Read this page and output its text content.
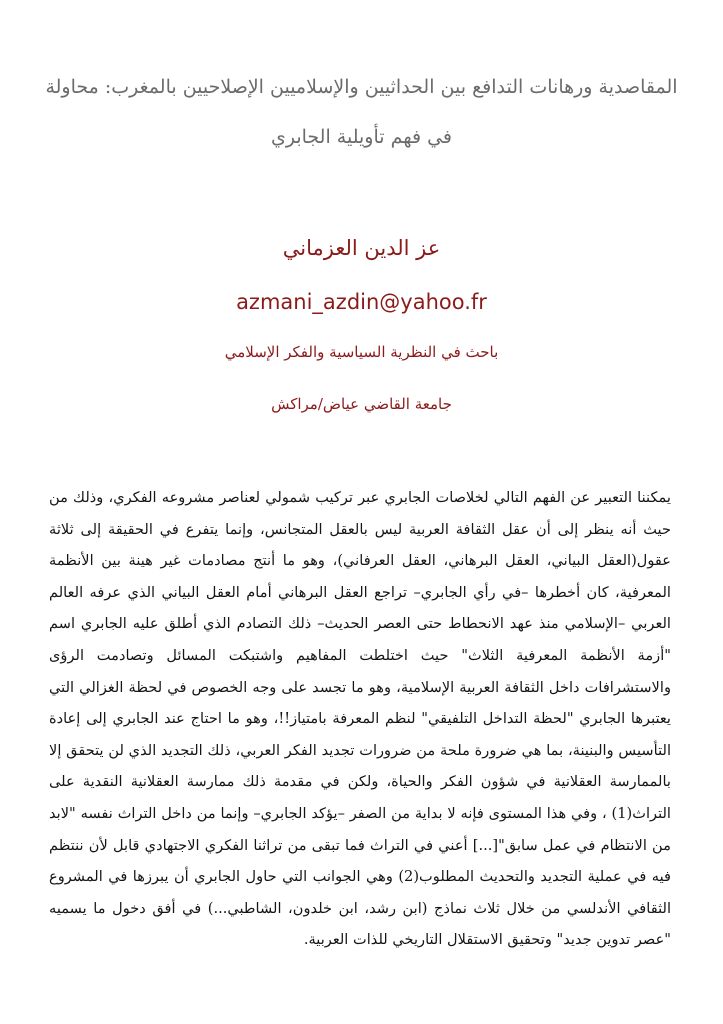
المقاصدية ورهانات التدافع بين الحداثيين والإسلاميين الإصلاحيين بالمغرب: محاولة في فهم تأويلية الجابري
عز الدين العزماني
azmani_azdin@yahoo.fr
باحث في النظرية السياسية والفكر الإسلامي
جامعة القاضي عياض/مراكش
يمكننا التعبير عن الفهم التالي لخلاصات الجابري عبر تركيب شمولي لعناصر مشروعه الفكري، وذلك من حيث أنه ينظر إلى أن عقل الثقافة العربية ليس بالعقل المتجانس، وإنما يتفرع في الحقيقة إلى ثلاثة عقول(العقل البياني، العقل البرهاني، العقل العرفاني)، وهو ما أنتج مصادمات غير هينة بين الأنظمة المعرفية، كان أخطرها –في رأي الجابري– تراجع العقل البرهاني أمام العقل البياني الذي عرفه العالم العربي –الإسلامي منذ عهد الانحطاط حتى العصر الحديث– ذلك التصادم الذي أطلق عليه الجابري اسم "أزمة الأنظمة المعرفية الثلاث" حيث اختلطت المفاهيم واشتبكت المسائل وتصادمت الرؤى والاستشرافات داخل الثقافة العربية الإسلامية، وهو ما تجسد على وجه الخصوص في لحظة الغزالي التي يعتبرها الجابري "لحظة التداخل التلفيقي" لنظم المعرفة بامتياز!!، وهو ما احتاج عند الجابري إلى إعادة التأسيس والبنينة، بما هي ضرورة ملحة من ضرورات تجديد الفكر العربي، ذلك التجديد الذي لن يتحقق إلا بالممارسة العقلانية في شؤون الفكر والحياة، ولكن في مقدمة ذلك ممارسة العقلانية النقدية على التراث(1) ، وفي هذا المستوى فإنه لا بداية من الصفر –يؤكد الجابري– وإنما من داخل التراث نفسه "لابد من الانتظام في عمل سابق"[...] أعني في التراث فما تبقى من تراثنا الفكري الاجتهادي قابل لأن ننتظم فيه في عملية التجديد والتحديث المطلوب(2) وهي الجوانب التي حاول الجابري أن يبرزها في المشروع الثقافي الأندلسي من خلال ثلاث نماذج (ابن رشد، ابن خلدون، الشاطبي...) في أفق دخول ما يسميه "عصر تدوين جديد" وتحقيق الاستقلال التاريخي للذات العربية.
